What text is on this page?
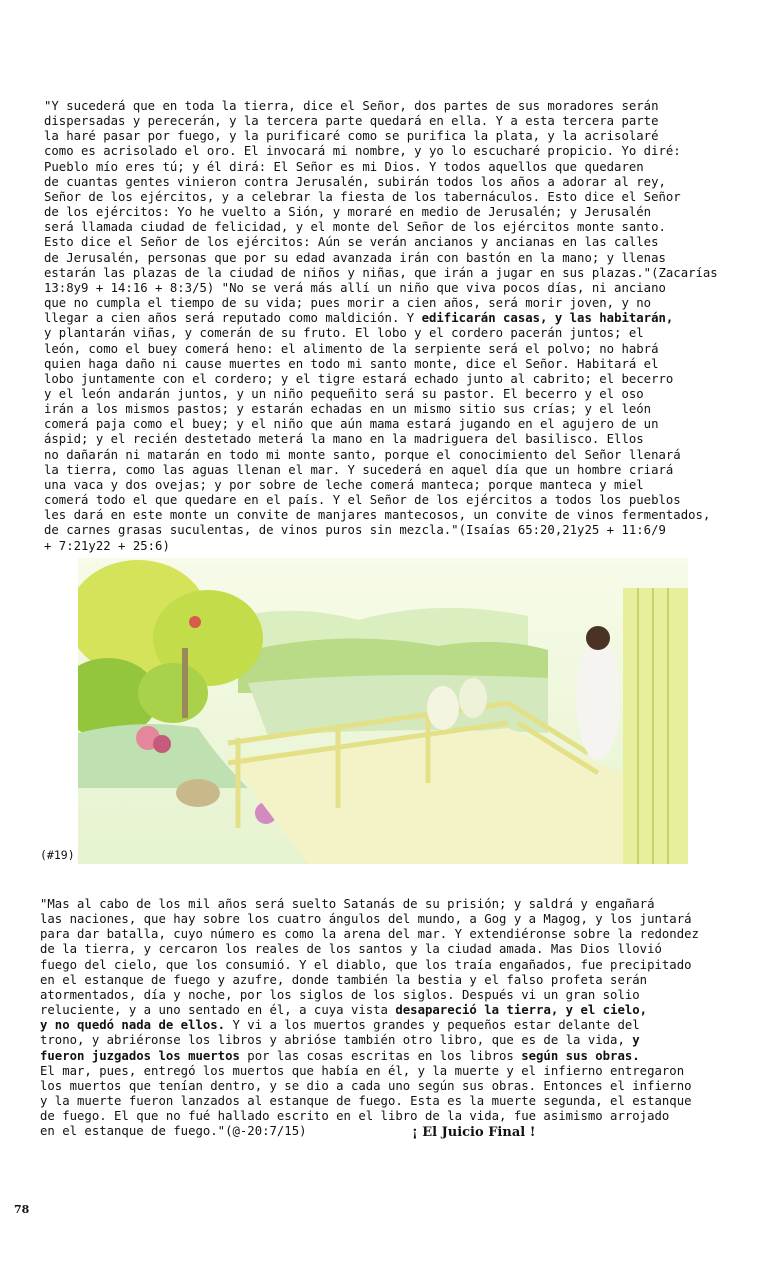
"Y sucederá que en toda la tierra, dice el Señor, dos partes de sus moradores serán
dispersadas y perecerán, y la tercera parte quedará en ella. Y a esta tercera parte
la haré pasar por fuego, y la purificaré como se purifica la plata, y la acrisolaré
como es acrisolado el oro. El invocará mi nombre, y yo lo escucharé propicio. Yo diré:
Pueblo mío eres tú; y él dirá: El Señor es mi Dios. Y todos aquellos que quedaren
de cuantas gentes vinieron contra Jerusalén, subirán todos los años a adorar al rey,
Señor de los ejércitos, y a celebrar la fiesta de los tabernáculos. Esto dice el Señor
de los ejércitos: Yo he vuelto a Sión, y moraré en medio de Jerusalén; y Jerusalén
será llamada ciudad de felicidad, y el monte del Señor de los ejércitos monte santo.
Esto dice el Señor de los ejércitos: Aún se verán ancianos y ancianas en las calles
de Jerusalén, personas que por su edad avanzada irán con bastón en la mano; y llenas
estarán las plazas de la ciudad de niños y niñas, que irán a jugar en sus plazas."(Zacarías
13:8y9 + 14:16 + 8:3/5) "No se verá más allí un niño que viva pocos días, ni anciano
que no cumpla el tiempo de su vida; pues morir a cien años, será morir joven, y no
llegar a cien años será reputado como maldición. Y edificarán casas, y las habitarán,
y plantarán viñas, y comerán de su fruto. El lobo y el cordero pacerán juntos; el
león, como el buey comerá heno: el alimento de la serpiente será el polvo; no habrá
quien haga daño ni cause muertes en todo mi santo monte, dice el Señor. Habitará el
lobo juntamente con el cordero; y el tigre estará echado junto al cabrito; el becerro
y el león andarán juntos, y un niño pequeñito será su pastor. El becerro y el oso
irán a los mismos pastos; y estarán echadas en un mismo sitio sus crías; y el león
comerá paja como el buey; y el niño que aún mama estará jugando en el agujero de un
áspid; y el recién destetado meterá la mano en la madriguera del basilisco. Ellos
no dañarán ni matarán en todo mi monte santo, porque el conocimiento del Señor llenará
la tierra, como las aguas llenan el mar. Y sucederá en aquel día que un hombre criará
una vaca y dos ovejas; y por sobre de leche comerá manteca; porque manteca y miel
comerá todo el que quedare en el país. Y el Señor de los ejércitos a todos los pueblos
les dará en este monte un convite de manjares mantecosos, un convite de vinos fermentados,
de carnes grasas suculentas, de vinos puros sin mezcla."(Isaías 65:20,21y25 + 11:6/9
+ 7:21y22 + 25:6)
(#19)
"Mas al cabo de los mil años será suelto Satanás de su prisión; y saldrá y engañará
las naciones, que hay sobre los cuatro ángulos del mundo, a Gog y a Magog, y los juntará
para dar batalla, cuyo número es como la arena del mar. Y extendiéronse sobre la redondez
de la tierra, y cercaron los reales de los santos y la ciudad amada. Mas Dios llovió
fuego del cielo, que los consumió. Y el diablo, que los traía engañados, fue precipitado
en el estanque de fuego y azufre, donde también la bestia y el falso profeta serán
atormentados, día y noche, por los siglos de los siglos. Después vi un gran solio
reluciente, y a uno sentado en él, a cuya vista desapareció la tierra, y el cielo,
y no quedó nada de ellos. Y vi a los muertos grandes y pequeños estar delante del
trono, y abriéronse los libros y abrióse también otro libro, que es de la vida, y
fueron juzgados los muertos por las cosas escritas en los libros según sus obras.
El mar, pues, entregó los muertos que había en él, y la muerte y el infierno entregaron
los muertos que tenían dentro, y se dio a cada uno según sus obras. Entonces el infierno
y la muerte fueron lanzados al estanque de fuego. Esta es la muerte segunda, el estanque
de fuego. El que no fué hallado escrito en el libro de la vida, fue asimismo arrojado
en el estanque de fuego."(@-20:7/15)	¡ El Juicio Final !
78
